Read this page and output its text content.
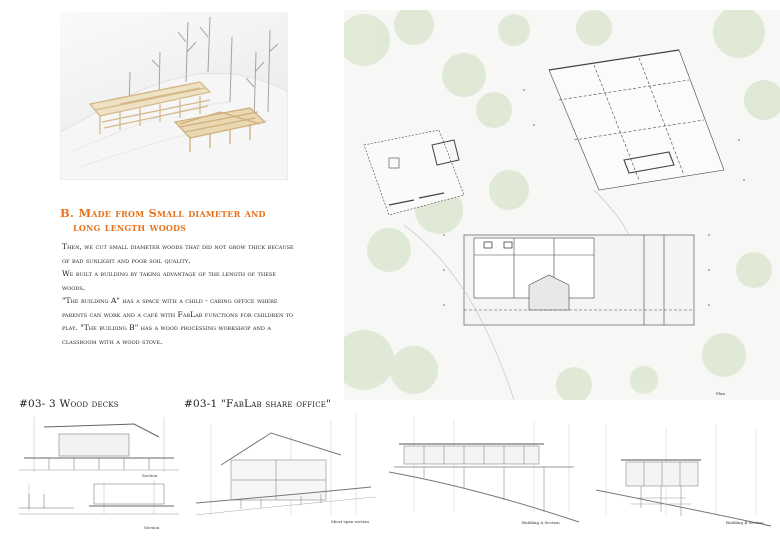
B. Made from Small diameter and
long length woods

Then, we cut small diameter woods that did not grow thick because of bad sunlight and poor soil quality.

We built a building by taking advantage of the length of these woods.

"The building A" has a space with a child - caring office where parents can work and a café with FabLab functions for children to play. "The building B" has a wood processing workshop and a classroom with a wood stove.

Plan
#03- 3 Wood decks	#03-1 "FabLab share office"
Section
Section
Short-span section	Building A Section	Building B Section
